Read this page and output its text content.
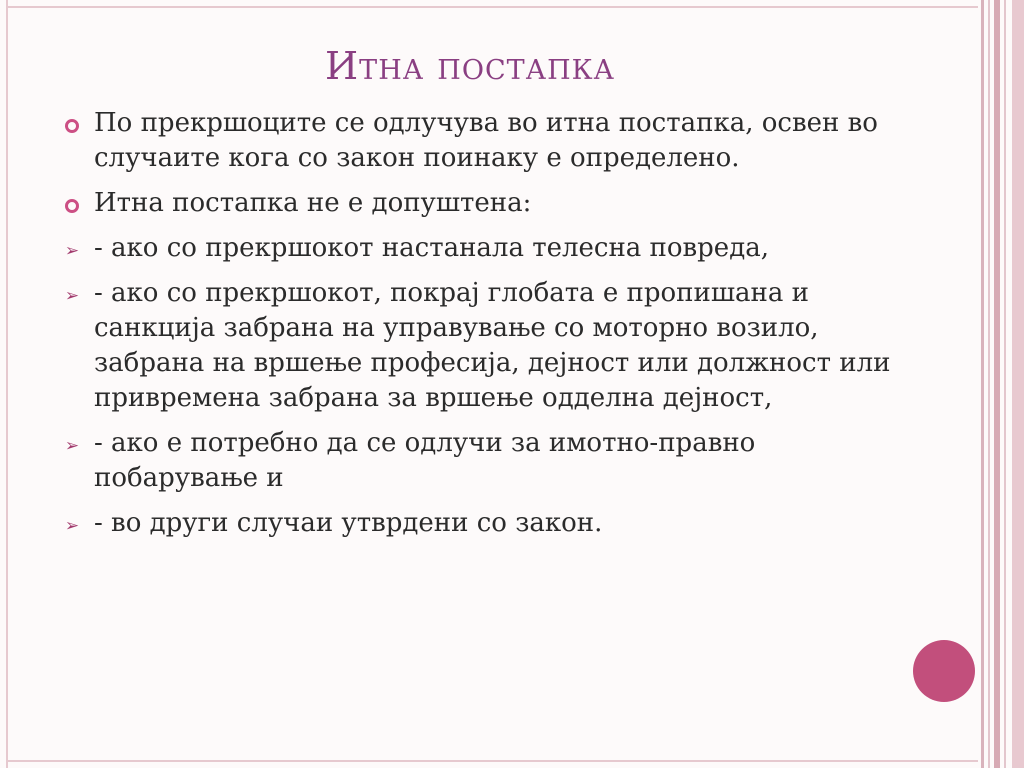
Итна постапка
По прекршоците се одлучува во итна постапка, освен во случаите кога со закон поинаку е определено.
Итна постапка не е допуштена:
➢ - ако со прекршокот настанала телесна повреда,
➢ - ако со прекршокот, покрај глобата е пропишана и санкција забрана на управување со моторно возило, забрана на вршење професија, дејност или должност или привремена забрана за вршење одделна дејност,
➢ - ако е потребно да се одлучи за имотно-правно побарување и
➢ - во други случаи утврдени со закон.
